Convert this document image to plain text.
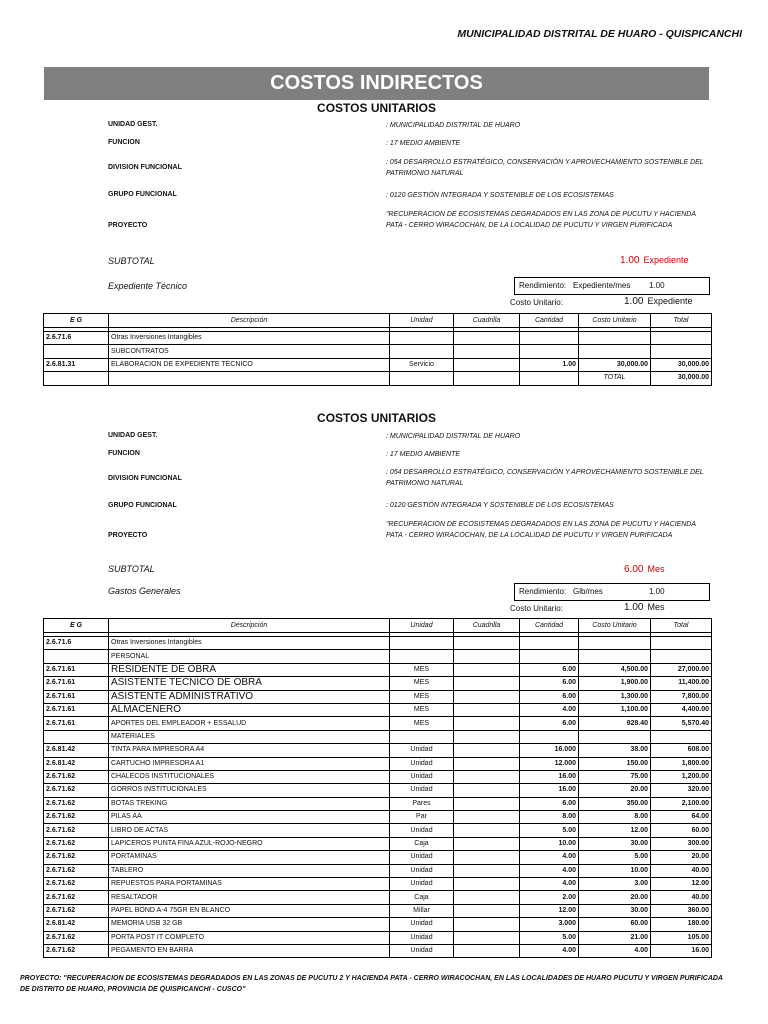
MUNICIPALIDAD DISTRITAL DE HUARO - QUISPICANCHI
COSTOS INDIRECTOS
COSTOS UNITARIOS
UNIDAD GEST.	: MUNICIPALIDAD DISTRITAL DE HUARO
FUNCION	: 17 MEDIO AMBIENTE
DIVISION FUNCIONAL
: 054 DESARROLLO ESTRATÉGICO, CONSERVACIÓN Y APROVECHAMIENTO SOSTENIBLE DEL PATRIMONIO NATURAL
GRUPO FUNCIONAL	: 0120 GESTIÓN INTEGRADA Y SOSTENIBLE DE LOS ECOSISTEMAS
PROYECTO
"RECUPERACION DE ECOSISTEMAS DEGRADADOS EN LAS ZONA DE PUCUTU Y HACIENDA PATA - CERRO WIRACOCHAN, DE LA LOCALIDAD DE PUCUTU Y VIRGEN PURIFICADA
SUBTOTAL	1.00 Expediente
Expediente Técnico	Rendimiento: Expediente/mes 1.00
Costo Unitario:	1.00 Expediente
E G	Descripción	Unidad	Cuadrilla	Cantidad	Costo Unitario	Total

2.6.71.6	Otras Inversiones Intangibles					
	SUBCONTRATOS					
2.6.81.31	ELABORACION DE EXPEDIENTE TECNICO	Servicio		1.00	30,000.00	30,000.00
					TOTAL	30,000.00
COSTOS UNITARIOS
UNIDAD GEST.	: MUNICIPALIDAD DISTRITAL DE HUARO
FUNCION	: 17 MEDIO AMBIENTE
DIVISION FUNCIONAL
: 054 DESARROLLO ESTRATÉGICO, CONSERVACIÓN Y APROVECHAMIENTO SOSTENIBLE DEL PATRIMONIO NATURAL
GRUPO FUNCIONAL	: 0120 GESTIÓN INTEGRADA Y SOSTENIBLE DE LOS ECOSISTEMAS
PROYECTO
"RECUPERACION DE ECOSISTEMAS DEGRADADOS EN LAS ZONA DE PUCUTU Y HACIENDA PATA - CERRO WIRACOCHAN, DE LA LOCALIDAD DE PUCUTU Y VIRGEN PURIFICADA
SUBTOTAL	6.00 Mes
Gastos Generales	Rendimiento: Glb/mes	1.00
Costo Unitario:	1.00 Mes
E G	Descripción	Unidad	Cuadrilla	Cantidad	Costo Unitario	Total

2.6.71.6	Otras Inversiones Intangibles					
	PERSONAL					
2.6.71.61	RESIDENTE DE OBRA	MES		6.00	4,500.00	27,000.00
2.6.71.61	ASISTENTE TECNICO DE OBRA	MES		6.00	1,900.00	11,400.00
2.6.71.61	ASISTENTE ADMINISTRATIVO	MES		6.00	1,300.00	7,800.00
2.6.71.61	ALMACENERO	MES		4.00	1,100.00	4,400.00
2.6.71.61	APORTES DEL EMPLEADOR + ESSALUD	MES		6.00	928.40	5,570.40
	MATERIALES					
2.6.81.42	TINTA PARA IMPRESORA A4	Unidad		16.000	38.00	608.00
2.6.81.42	CARTUCHO IMPRESORA A1	Unidad		12.000	150.00	1,800.00
2.6.71.62	CHALECOS INSTITUCIONALES	Unidad		16.00	75.00	1,200.00
2.6.71.62	GORROS INSTITUCIONALES	Unidad		16.00	20.00	320.00
2.6.71.62	BOTAS TREKING	Pares		6.00	350.00	2,100.00
2.6.71.62	PILAS AA	Par		8.00	8.00	64.00
2.6.71.62	LIBRO DE ACTAS	Unidad		5.00	12.00	60.00
2.6.71.62	LAPICEROS PUNTA FINA AZUL-ROJO-NEGRO	Caja		10.00	30.00	300.00
2.6.71.62	PORTAMINAS	Unidad		4.00	5.00	20.00
2.6.71.62	TABLERO	Unidad		4.00	10.00	40.00
2.6.71.62	REPUESTOS PARA PORTAMINAS	Unidad		4.00	3.00	12.00
2.6.71.62	RESALTADOR	Caja		2.00	20.00	40.00
2.6.71.62	PAPEL BOND A-4 75GR EN BLANCO	Millar		12.00	30.00	360.00
2.6.81.42	MEMORIA USB 32 GB	Unidad		3.000	60.00	180.00
2.6.71.62	PORTA POST IT COMPLETO	Unidad		5.00	21.00	105.00
2.6.71.62	PEGAMENTO EN BARRA	Unidad		4.00	4.00	16.00
PROYECTO: "RECUPERACION DE ECOSISTEMAS DEGRADADOS EN LAS ZONAS DE PUCUTU 2 Y HACIENDA PATA - CERRO WIRACOCHAN, EN LAS LOCALIDADES DE HUARO PUCUTU Y VIRGEN PURIFICADA DE DISTRITO DE HUARO, PROVINCIA DE QUISPICANCHI - CUSCO"
